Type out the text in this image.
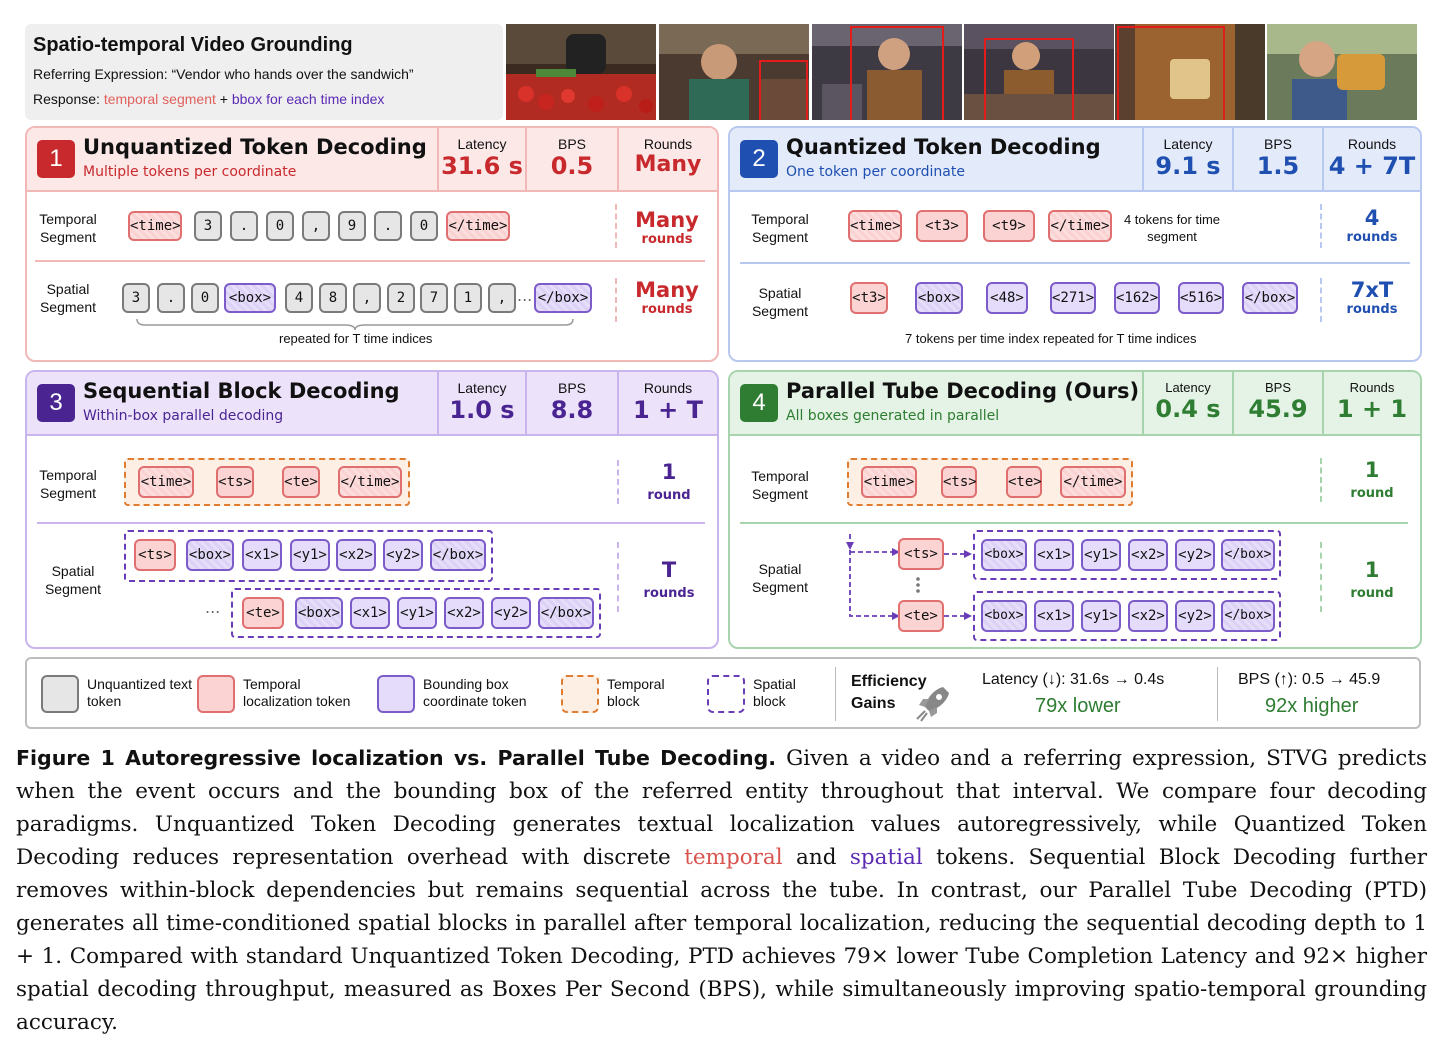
Spatio-temporal Video Grounding
Referring Expression: “Vendor who hands over the sandwich”
Response: temporal segment + bbox for each time index
1 Unquantized Token Decoding
Multiple tokens per coordinate
Latency
31.6 s
BPS
0.5
Rounds
Many
Temporal Segment
<time>	3	.	0	,	9	.	0	</time>	Many
rounds
Spatial Segment
3	.	0	<box>	4	8	,	2	7	1	, ... </box>
repeated for T time indices
Many
rounds
2 Quantized Token Decoding
One token per coordinate
Latency
9.1 s
BPS
1.5
Rounds
4 + 7T
Temporal Segment
<time>	<t3>	<t9>	</time> 4 tokens for time segment
4
rounds
Spatial Segment
<t3> <box> <48> <271> <162> <516> </box>
7 tokens per time index repeated for T time indices
7xT
rounds
3 Sequential Block Decoding
Within-box parallel decoding
Latency
1.0 s
BPS
8.8
Rounds
1 + T
Temporal Segment
<time> <ts> <te> </time>	1
round
Spatial Segment
<ts> <box> <x1> <y1> <x2> <y2> </box>
... <te> <box> <x1> <y1> <x2> <y2> </box>
T
rounds
4 Parallel Tube Decoding (Ours)
All boxes generated in parallel
Latency
0.4 s
BPS
45.9
Rounds
1 + 1
Temporal Segment
<time> <ts> <te> </time>	1
round
Spatial Segment
<ts>
<te>
<box> <x1> <y1> <x2> <y2> </box>
<box> <x1> <y1> <x2> <y2> </box>
1
round
Unquantized text token
Temporal localization token
Bounding box coordinate token
Temporal block
Spatial block
Efficiency Gains
Latency (↓): 31.6s → 0.4s
79x lower
BPS (↑): 0.5 → 45.9
92x higher
Figure 1 Autoregressive localization vs. Parallel Tube Decoding. Given a video and a referring expression, STVG predicts when the event occurs and the bounding box of the referred entity throughout that interval. We compare four decoding paradigms. Unquantized Token Decoding generates textual localization values autoregressively, while Quantized Token Decoding reduces representation overhead with discrete temporal and spatial tokens. Sequential Block Decoding further removes within-block dependencies but remains sequential across the tube. In contrast, our Parallel Tube Decoding (PTD) generates all time-conditioned spatial blocks in parallel after temporal localization, reducing the sequential decoding depth to 1 + 1. Compared with standard Unquantized Token Decoding, PTD achieves 79× lower Tube Completion Latency and 92× higher spatial decoding throughput, measured as Boxes Per Second (BPS), while simultaneously improving spatio-temporal grounding accuracy.
